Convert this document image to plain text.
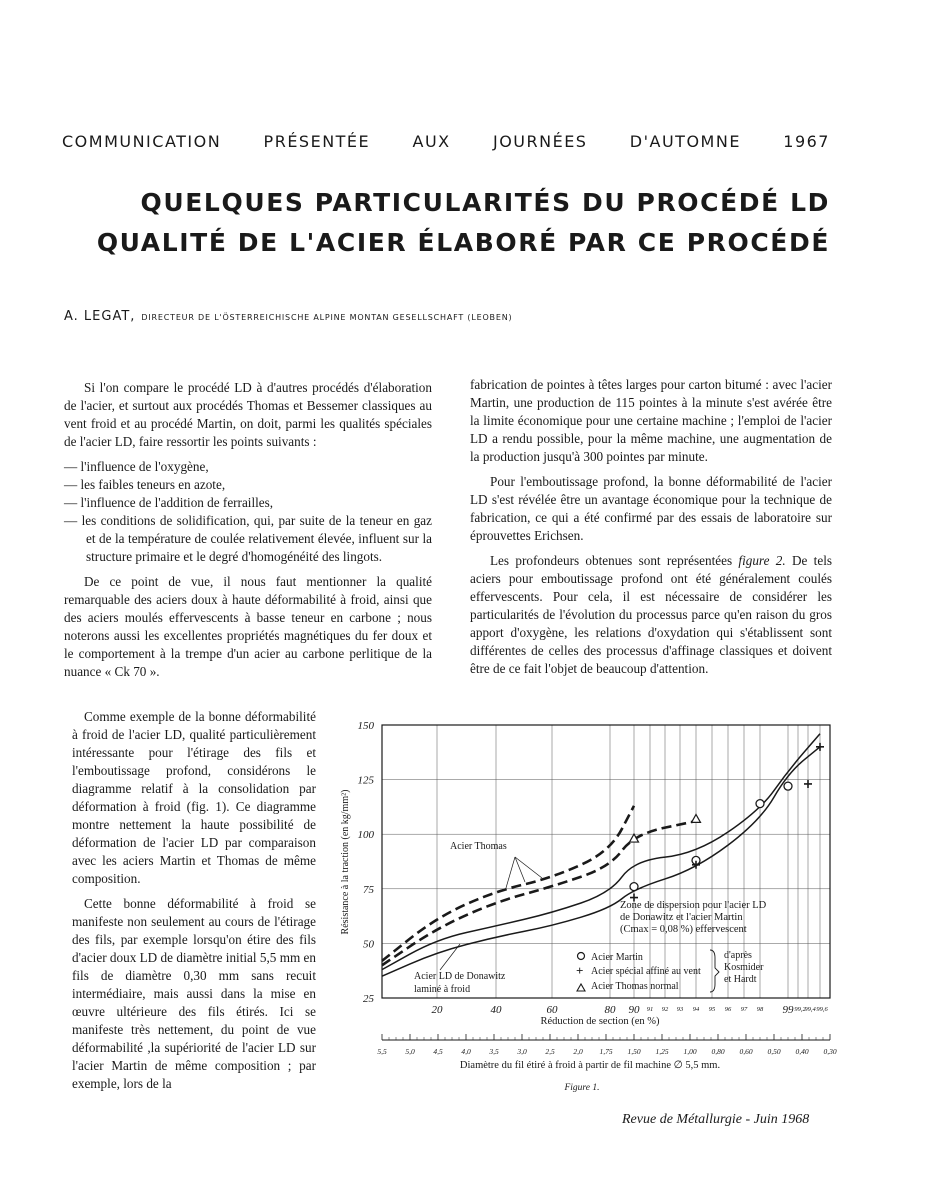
COMMUNICATION	PRÉSENTÉE	AUX	JOURNÉES	D'AUTOMNE	1967
QUELQUES PARTICULARITÉS DU PROCÉDÉ LD
QUALITÉ DE L'ACIER ÉLABORÉ PAR CE PROCÉDÉ
A. LEGAT, DIRECTEUR DE L'ÖSTERREICHISCHE ALPINE MONTAN GESELLSCHAFT (LEOBEN)

Si l'on compare le procédé LD à d'autres procédés d'élaboration de l'acier, et surtout aux procédés Thomas et Bessemer classiques au vent froid et au procédé Martin, on doit, parmi les qualités spéciales de l'acier LD, faire ressortir les points suivants :

— l'influence de l'oxygène,
— les faibles teneurs en azote,
— l'influence de l'addition de ferrailles,
— les conditions de solidification, qui, par suite de la teneur en gaz et de la température de coulée relativement élevée, influent sur la structure primaire et le degré d'homogénéité des lingots.

De ce point de vue, il nous faut mentionner la qualité remarquable des aciers doux à haute déformabilité à froid, ainsi que des aciers moulés effervescents à basse teneur en carbone ; nous noterons aussi les excellentes propriétés magnétiques du fer doux et le comportement à la trempe d'un acier au carbone perlitique de la nuance « Ck 70 ».

Comme exemple de la bonne déformabilité à froid de l'acier LD, qualité particulièrement intéressante pour l'étirage des fils et l'emboutissage profond, considérons le diagramme relatif à la consolidation par déformation à froid (fig. 1). Ce diagramme montre nettement la haute possibilité de déformation de l'acier LD par comparaison avec les aciers Martin et Thomas de même composition.

Cette bonne déformabilité à froid se manifeste non seulement au cours de l'étirage des fils, par exemple lorsqu'on étire des fils d'acier doux LD de diamètre initial 5,5 mm en fils de diamètre 0,30 mm sans recuit intermédiaire, mais aussi dans la mise en œuvre ultérieure des fils étirés. Ici se manifeste très nettement, du point de vue déformabilité ,la supériorité de l'acier LD sur l'acier Martin de même composition ; par exemple, lors de la

fabrication de pointes à têtes larges pour carton bitumé : avec l'acier Martin, une production de 115 pointes à la minute s'est avérée être la limite économique pour une certaine machine ; l'emploi de l'acier LD a rendu possible, pour la même machine, une augmentation de la production jusqu'à 300 pointes par minute.

Pour l'emboutissage profond, la bonne déformabilité de l'acier LD s'est révélée être un avantage économique pour la technique de fabrication, ce qui a été confirmé par des essais de laboratoire sur éprouvettes Erichsen.

Les profondeurs obtenues sont représentées figure 2. De tels aciers pour emboutissage profond ont été généralement coulés effervescents. Pour cela, il est nécessaire de considérer les particularités de l'évolution du processus parce qu'en raison du gros apport d'oxygène, les relations d'oxydation qui s'établissent sont différentes de celles des processus d'affinage classiques et doivent être de ce fait l'objet de beaucoup d'attention.

25
50
75
100
125
150
20	40	60	80 90	99
91 92 93 94 95 96 97 98	99,2
99,4 99,6
Résistance à la traction (en kg/mm²)
Réduction de section (en %)
5,5 5,0 4,5 4,0 3,5 3,0 2,5 2,0 1,75 1,50 1,25 1,00 0,80 0,60 0,50 0,40 0,30
Diamètre du fil étiré à froid à partir de fil machine ∅ 5,5 mm.
Figure 1.
Acier Thomas
Acier LD de Donawitz
laminé à froid
Zone de dispersion pour l'acier LD
de Donawitz et l'acier Martin
(Cmax = 0,08 %) effervescent
Acier Martin
+ Acier spécial affiné au vent
Acier Thomas normal
d'après
Kosmider
et Hardt
Revue de Métallurgie - Juin 1968
